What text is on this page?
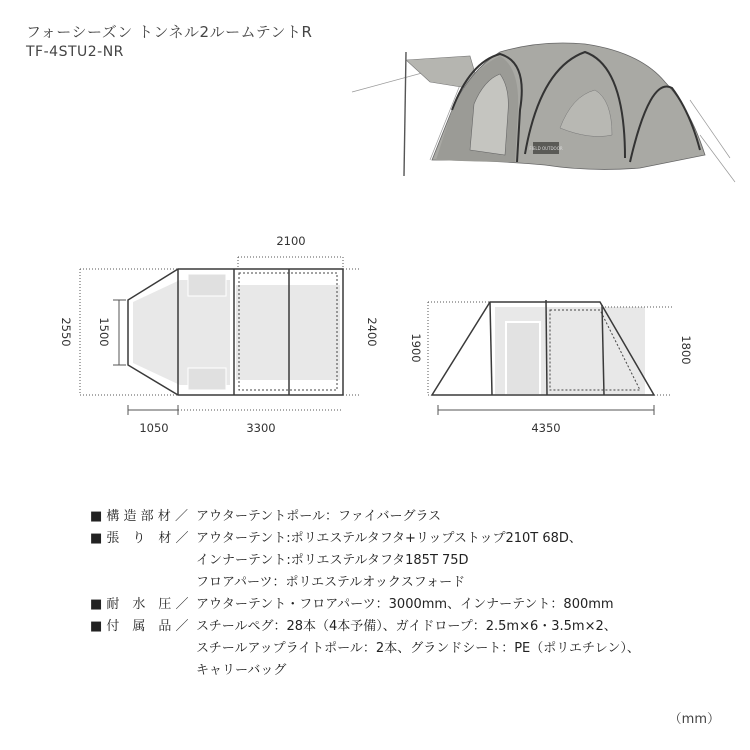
フォーシーズン トンネル2ルームテントR
TF-4STU2-NR
FIELD OUTDOOR
2100
2550 1500	2400
1050	3300
1900	1800
4350
■ 構 造 部 材 ／ アウターテントポール：ファイバーグラス
■ 張　り　材 ／ アウターテント:ポリエステルタフタ+リップストップ210T 68D、
インナーテント:ポリエステルタフタ185T 75D
フロアパーツ：ポリエステルオックスフォード
■ 耐　水　圧 ／ アウターテント・フロアパーツ：3000mm、インナーテント：800mm
■ 付　属　品 ／ スチールペグ：28本（4本予備）、ガイドロープ：2.5m×6・3.5m×2、
スチールアップライトポール：2本、グランドシート：PE（ポリエチレン）、
キャリーバッグ
（mm）
